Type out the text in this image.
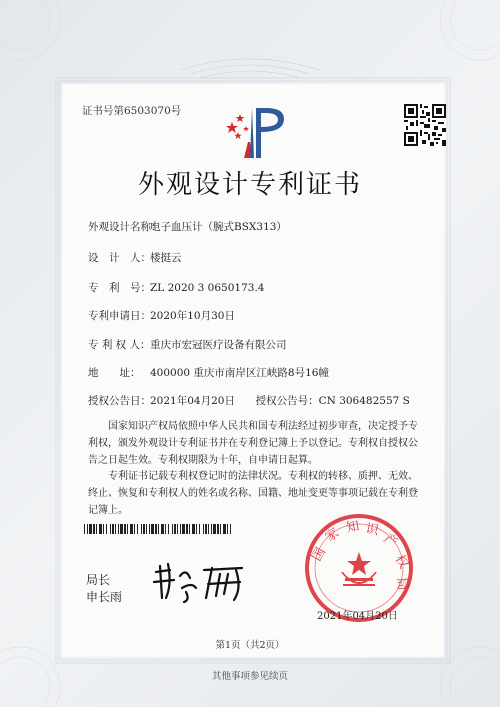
证书号第6503070号
外观设计专利证书
外观设计名称：电子血压计（腕式BSX313）
设　计　人：楼挺云
专　利　号：ZL 2020 3 0650173.4
专利申请日：2020年10月30日
专 利 权 人：重庆市宏冠医疗设备有限公司
地　　址： 400000 重庆市南岸区江峡路8号16幢
授权公告日：2021年04月20日 授权公告号：CN 306482557 S
国家知识产权局依照中华人民共和国专利法经过初步审查，决定授予专利权，颁发外观设计专利证书并在专利登记簿上予以登记。专利权自授权公告之日起生效。专利权期限为十年，自申请日起算。
专利证书记载专利权登记时的法律状况。专利权的转移、质押、无效、终止、恢复和专利权人的姓名或名称、国籍、地址变更等事项记载在专利登记簿上。
局长
申长雨
国
家 知 识
产
权
局
2021年04月20日
第1页（共2页）
其他事项参见续页
